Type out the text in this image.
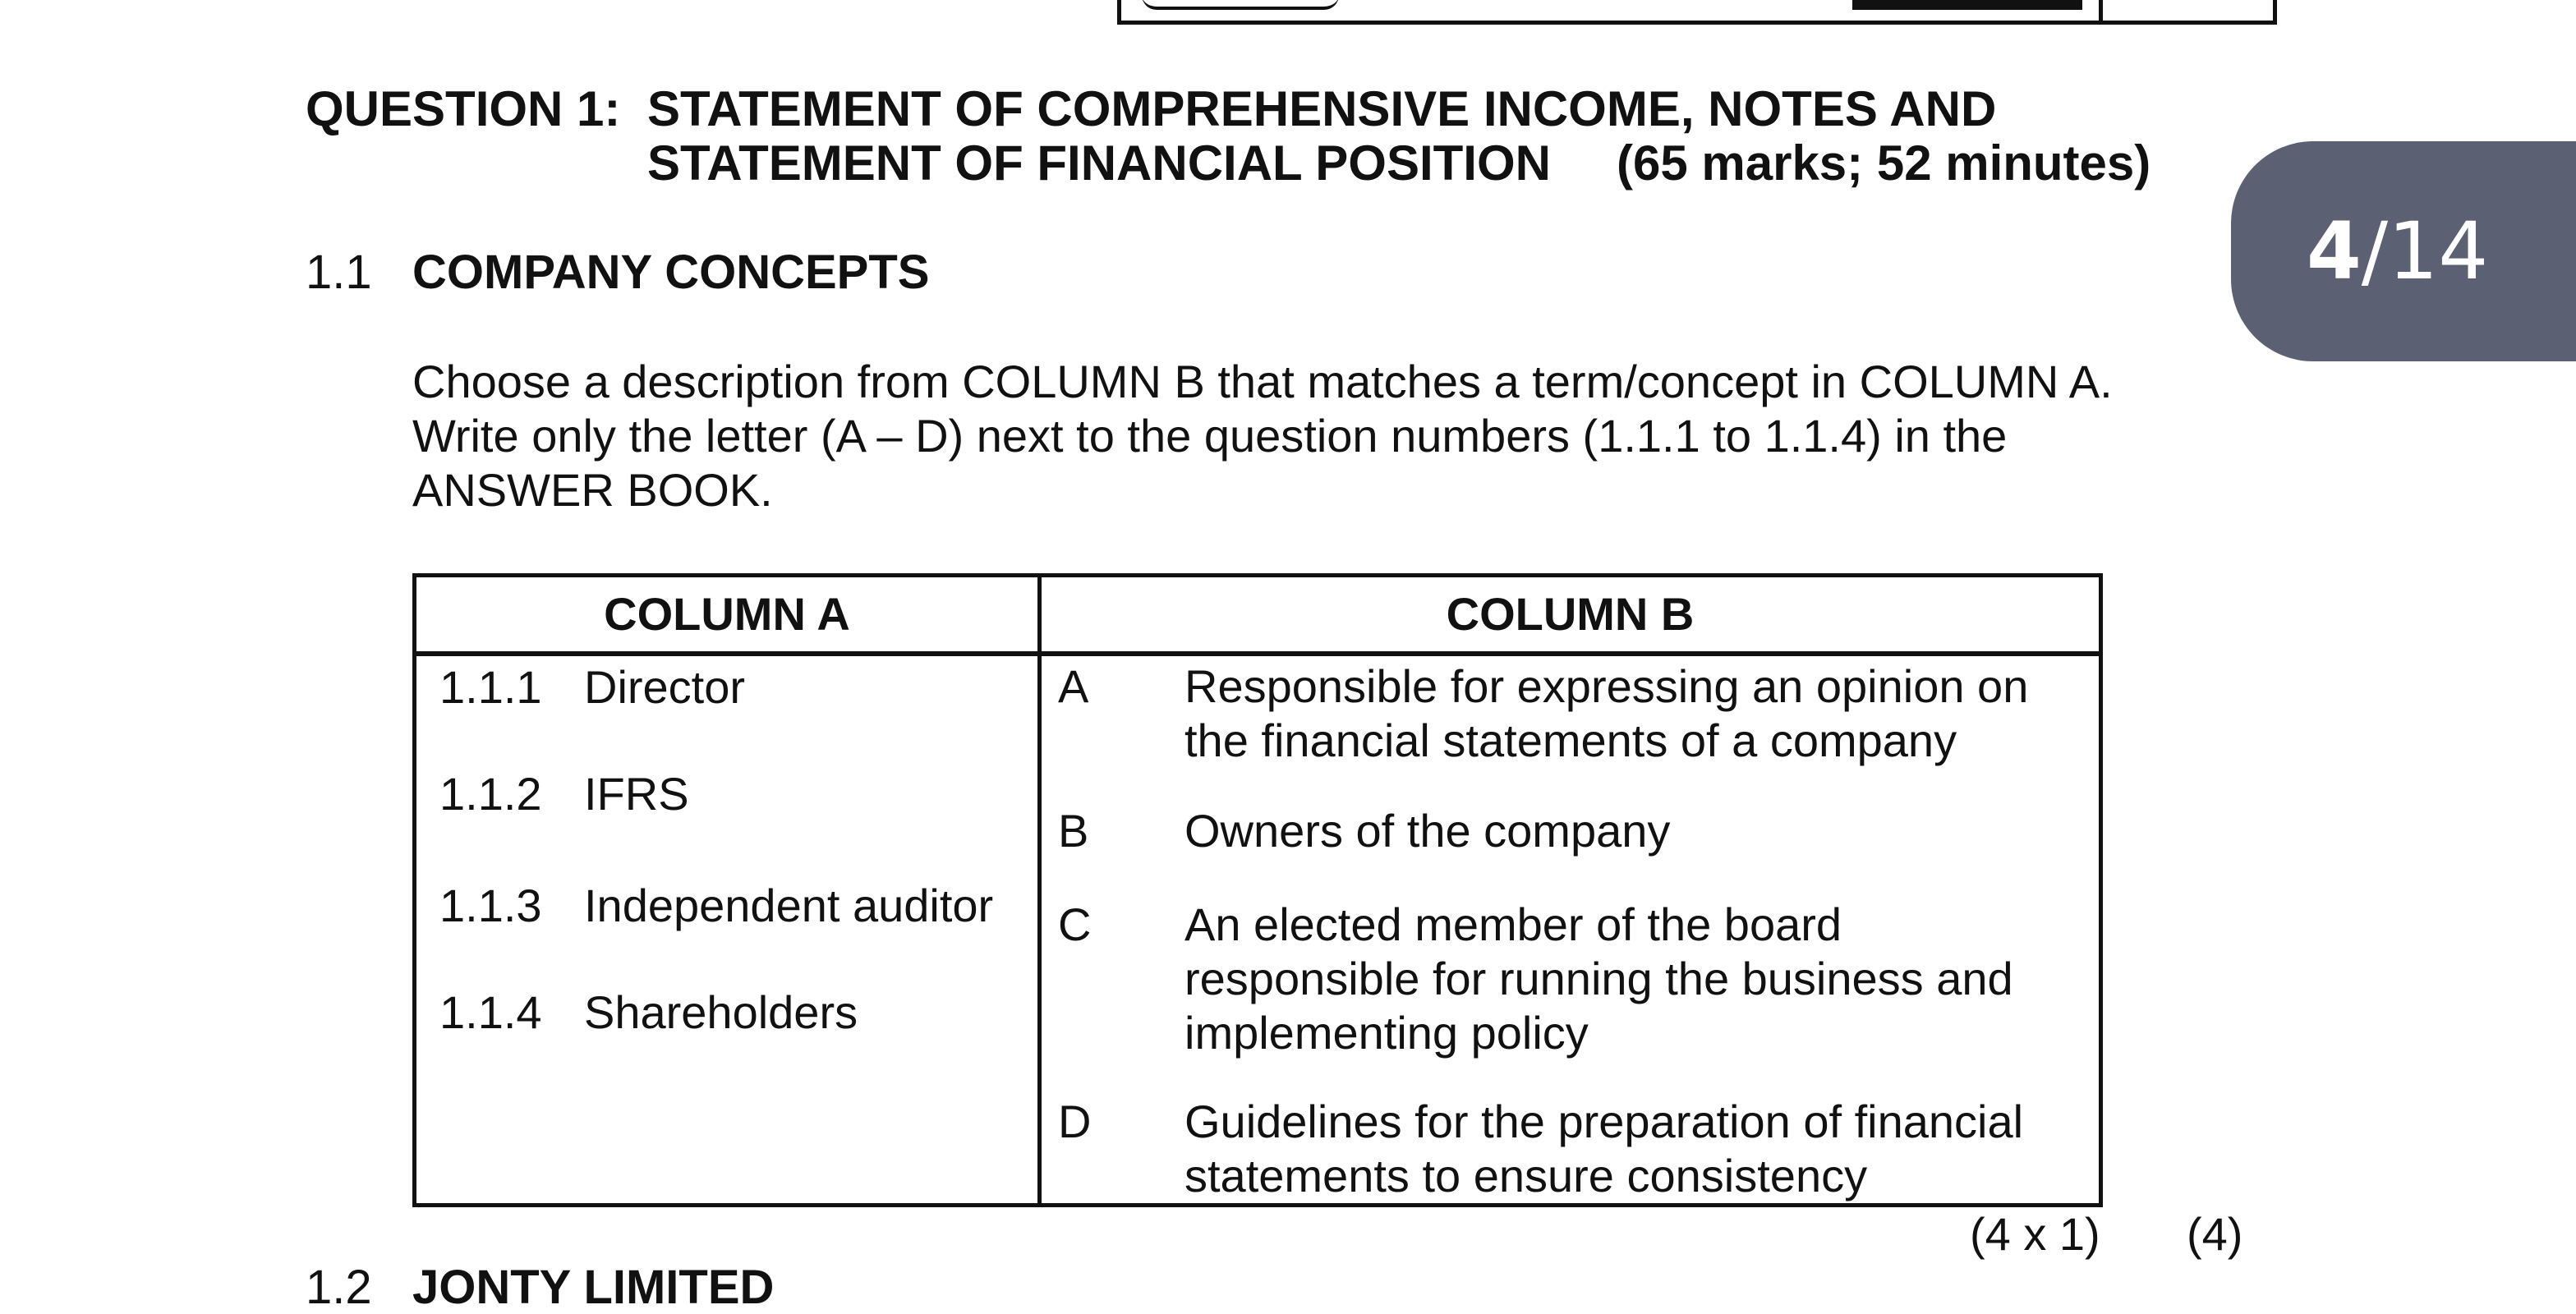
QUESTION 1: STATEMENT OF COMPREHENSIVE INCOME, NOTES AND
STATEMENT OF FINANCIAL POSITION (65 marks; 52 minutes)
4/14
1.1 COMPANY CONCEPTS
Choose a description from COLUMN B that matches a term/concept in COLUMN A.
Write only the letter (A – D) next to the question numbers (1.1.1 to 1.1.4) in the
ANSWER BOOK.
COLUMN A	COLUMN B
1.1.1 Director
1.1.2 IFRS
1.1.3 Independent auditor
1.1.4 Shareholders
A Responsible for expressing an opinion on
the financial statements of a company
B Owners of the company
C An elected member of the board
responsible for running the business and
implementing policy
D Guidelines for the preparation of financial
statements to ensure consistency
(4 x 1) (4)
1.2 JONTY LIMITED
